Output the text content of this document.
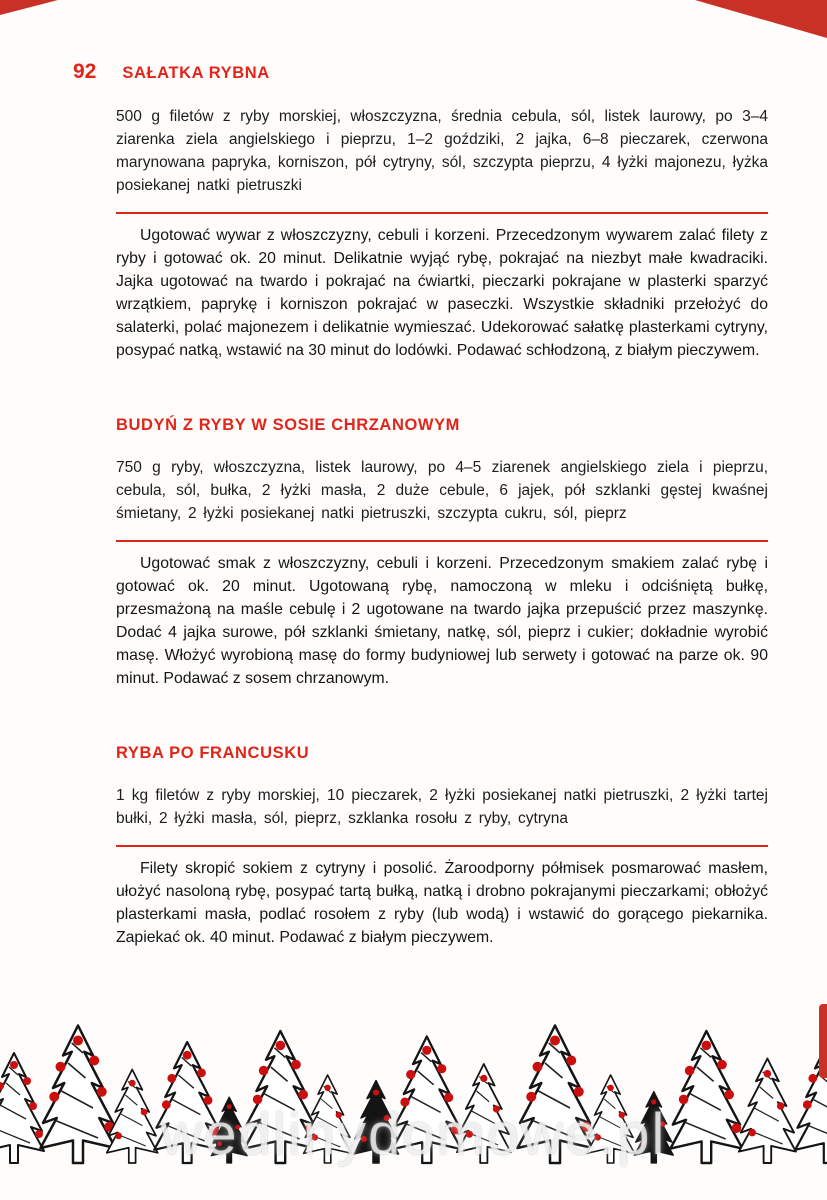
92 SAŁATKA RYBNA

500 g filetów z ryby morskiej, włoszczyzna, średnia cebula, sól, listek laurowy, po 3–4 ziarenka ziela angielskiego i pieprzu, 1–2 goździki, 2 jajka, 6–8 pieczarek, czerwona marynowana papryka, korniszon, pół cytryny, sól, szczypta pieprzu, 4 łyżki majonezu, łyżka posiekanej natki pietruszki

Ugotować wywar z włoszczyzny, cebuli i korzeni. Przecedzonym wywarem zalać filety z ryby i gotować ok. 20 minut. Delikatnie wyjąć rybę, pokrajać na niezbyt małe kwadraciki. Jajka ugotować na twardo i pokrajać na ćwiartki, pieczarki pokrajane w plasterki sparzyć wrzątkiem, paprykę i korniszon pokrajać w paseczki. Wszystkie składniki przełożyć do salaterki, polać majonezem i delikatnie wymieszać. Udekorować sałatkę plasterkami cytryny, posypać natką, wstawić na 30 minut do lodówki. Podawać schłodzoną, z białym pieczywem.

BUDYŃ Z RYBY W SOSIE CHRZANOWYM

750 g ryby, włoszczyzna, listek laurowy, po 4–5 ziarenek angielskiego ziela i pieprzu, cebula, sól, bułka, 2 łyżki masła, 2 duże cebule, 6 jajek, pół szklanki gęstej kwaśnej śmietany, 2 łyżki posiekanej natki pietruszki, szczypta cukru, sól, pieprz

Ugotować smak z włoszczyzny, cebuli i korzeni. Przecedzonym smakiem zalać rybę i gotować ok. 20 minut. Ugotowaną rybę, namoczoną w mleku i odciśniętą bułkę, przesmażoną na maśle cebulę i 2 ugotowane na twardo jajka przepuścić przez maszynkę. Dodać 4 jajka surowe, pół szklanki śmietany, natkę, sól, pieprz i cukier; dokładnie wyrobić masę. Włożyć wyrobioną masę do formy budyniowej lub serwety i gotować na parze ok. 90 minut. Podawać z sosem chrzanowym.

RYBA PO FRANCUSKU

1 kg filetów z ryby morskiej, 10 pieczarek, 2 łyżki posiekanej natki pietruszki, 2 łyżki tartej bułki, 2 łyżki masła, sól, pieprz, szklanka rosołu z ryby, cytryna

Filety skropić sokiem z cytryny i posolić. Żaroodporny półmisek posmarować masłem, ułożyć nasoloną rybę, posypać tartą bułką, natką i drobno pokrajanymi pieczarkami; obłożyć plasterkami masła, podlać rosołem z ryby (lub wodą) i wstawić do gorącego piekarnika. Zapiekać ok. 40 minut. Podawać z białym pieczywem.

wedlinydomowe.pl
